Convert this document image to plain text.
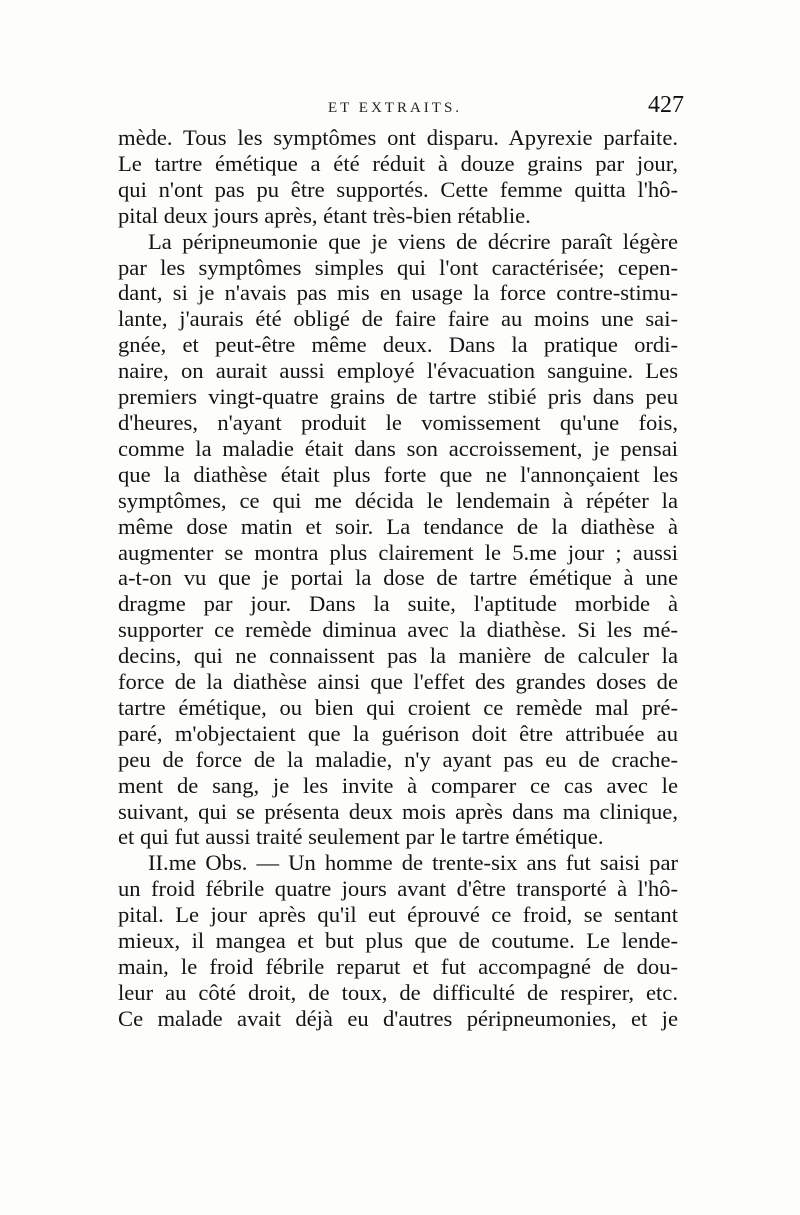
ET EXTRAITS.	427
mède. Tous les symptômes ont disparu. Apyrexie parfaite.
Le tartre émétique a été réduit à douze grains par jour,
qui n'ont pas pu être supportés. Cette femme quitta l'hô-
pital deux jours après, étant très-bien rétablie.
La péripneumonie que je viens de décrire paraît légère
par les symptômes simples qui l'ont caractérisée; cepen-
dant, si je n'avais pas mis en usage la force contre-stimu-
lante, j'aurais été obligé de faire faire au moins une sai-
gnée, et peut-être même deux. Dans la pratique ordi-
naire, on aurait aussi employé l'évacuation sanguine. Les
premiers vingt-quatre grains de tartre stibié pris dans peu
d'heures, n'ayant produit le vomissement qu'une fois,
comme la maladie était dans son accroissement, je pensai
que la diathèse était plus forte que ne l'annonçaient les
symptômes, ce qui me décida le lendemain à répéter la
même dose matin et soir. La tendance de la diathèse à
augmenter se montra plus clairement le 5.me jour ; aussi
a-t-on vu que je portai la dose de tartre émétique à une
dragme par jour. Dans la suite, l'aptitude morbide à
supporter ce remède diminua avec la diathèse. Si les mé-
decins, qui ne connaissent pas la manière de calculer la
force de la diathèse ainsi que l'effet des grandes doses de
tartre émétique, ou bien qui croient ce remède mal pré-
paré, m'objectaient que la guérison doit être attribuée au
peu de force de la maladie, n'y ayant pas eu de crache-
ment de sang, je les invite à comparer ce cas avec le
suivant, qui se présenta deux mois après dans ma clinique,
et qui fut aussi traité seulement par le tartre émétique.
II.me Obs. — Un homme de trente-six ans fut saisi par
un froid fébrile quatre jours avant d'être transporté à l'hô-
pital. Le jour après qu'il eut éprouvé ce froid, se sentant
mieux, il mangea et but plus que de coutume. Le lende-
main, le froid fébrile reparut et fut accompagné de dou-
leur au côté droit, de toux, de difficulté de respirer, etc.
Ce malade avait déjà eu d'autres péripneumonies, et je
